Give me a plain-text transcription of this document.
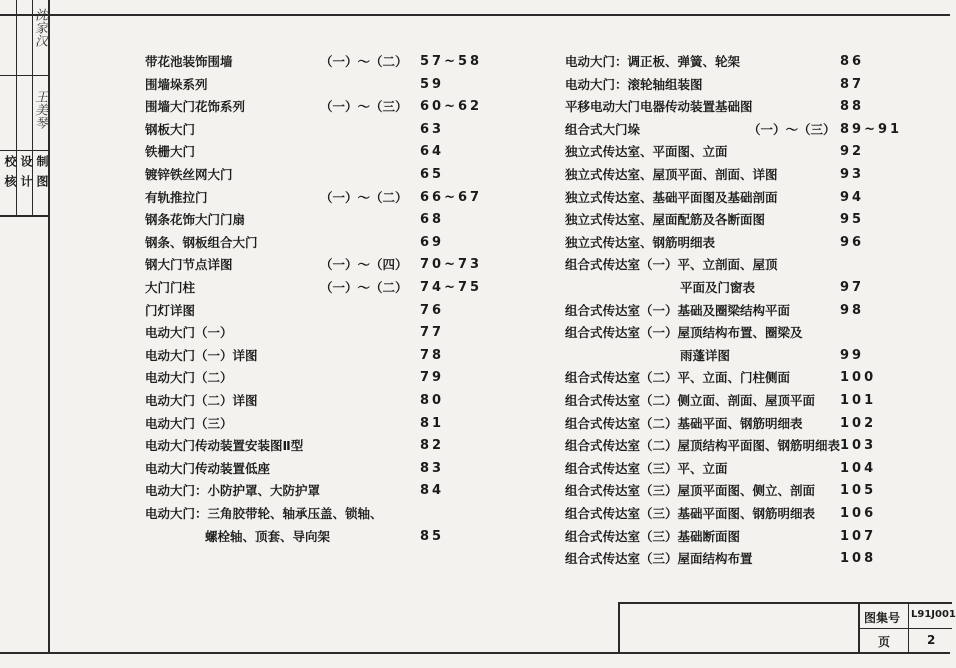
校 核 设 计 制 图
沈家汉
王美琴
带花池装饰围墙	（一）～（二） 57~58
围墙垛系列	59
围墙大门花饰系列	（一）～（三） 60~62
钢板大门	63
铁栅大门	64
镀锌铁丝网大门	65
有轨推拉门	（一）～（二） 66~67
钢条花饰大门门扇	68
钢条、钢板组合大门	69
钢大门节点详图	（一）～（四） 70~73
大门门柱	（一）～（二） 74~75
门灯详图	76
电动大门（一）	77
电动大门（一）详图	78
电动大门（二）	79
电动大门（二）详图	80
电动大门（三）	81
电动大门传动装置安装图Ⅱ型	82
电动大门传动装置低座	83
电动大门：小防护罩、大防护罩	84
电动大门：三角胶带轮、轴承压盖、锁轴、
螺栓轴、顶套、导向架	85
电动大门：调正板、弹簧、轮架	86
电动大门：滚轮轴组装图	87
平移电动大门电器传动装置基础图	88
组合式大门垛	（一）～（三） 89~91
独立式传达室、平面图、立面	92
独立式传达室、屋顶平面、剖面、详图	93
独立式传达室、基础平面图及基础剖面	94
独立式传达室、屋面配筋及各断面图	95
独立式传达室、钢筋明细表	96
组合式传达室（一）平、立剖面、屋顶
平面及门窗表	97
组合式传达室（一）基础及圈梁结构平面	98
组合式传达室（一）屋顶结构布置、圈梁及
雨蓬详图	99
组合式传达室（二）平、立面、门柱侧面	100
组合式传达室（二）侧立面、剖面、屋顶平面 101
组合式传达室（二）基础平面、钢筋明细表	102
组合式传达室（二）屋顶结构平面图、钢筋明细表 103
组合式传达室（三）平、立面	104
组合式传达室（三）屋顶平面图、侧立、剖面 105
组合式传达室（三）基础平面图、钢筋明细表 106
组合式传达室（三）基础断面图	107
组合式传达室（三）屋面结构布置	108
图集号 L91J001
页	2
